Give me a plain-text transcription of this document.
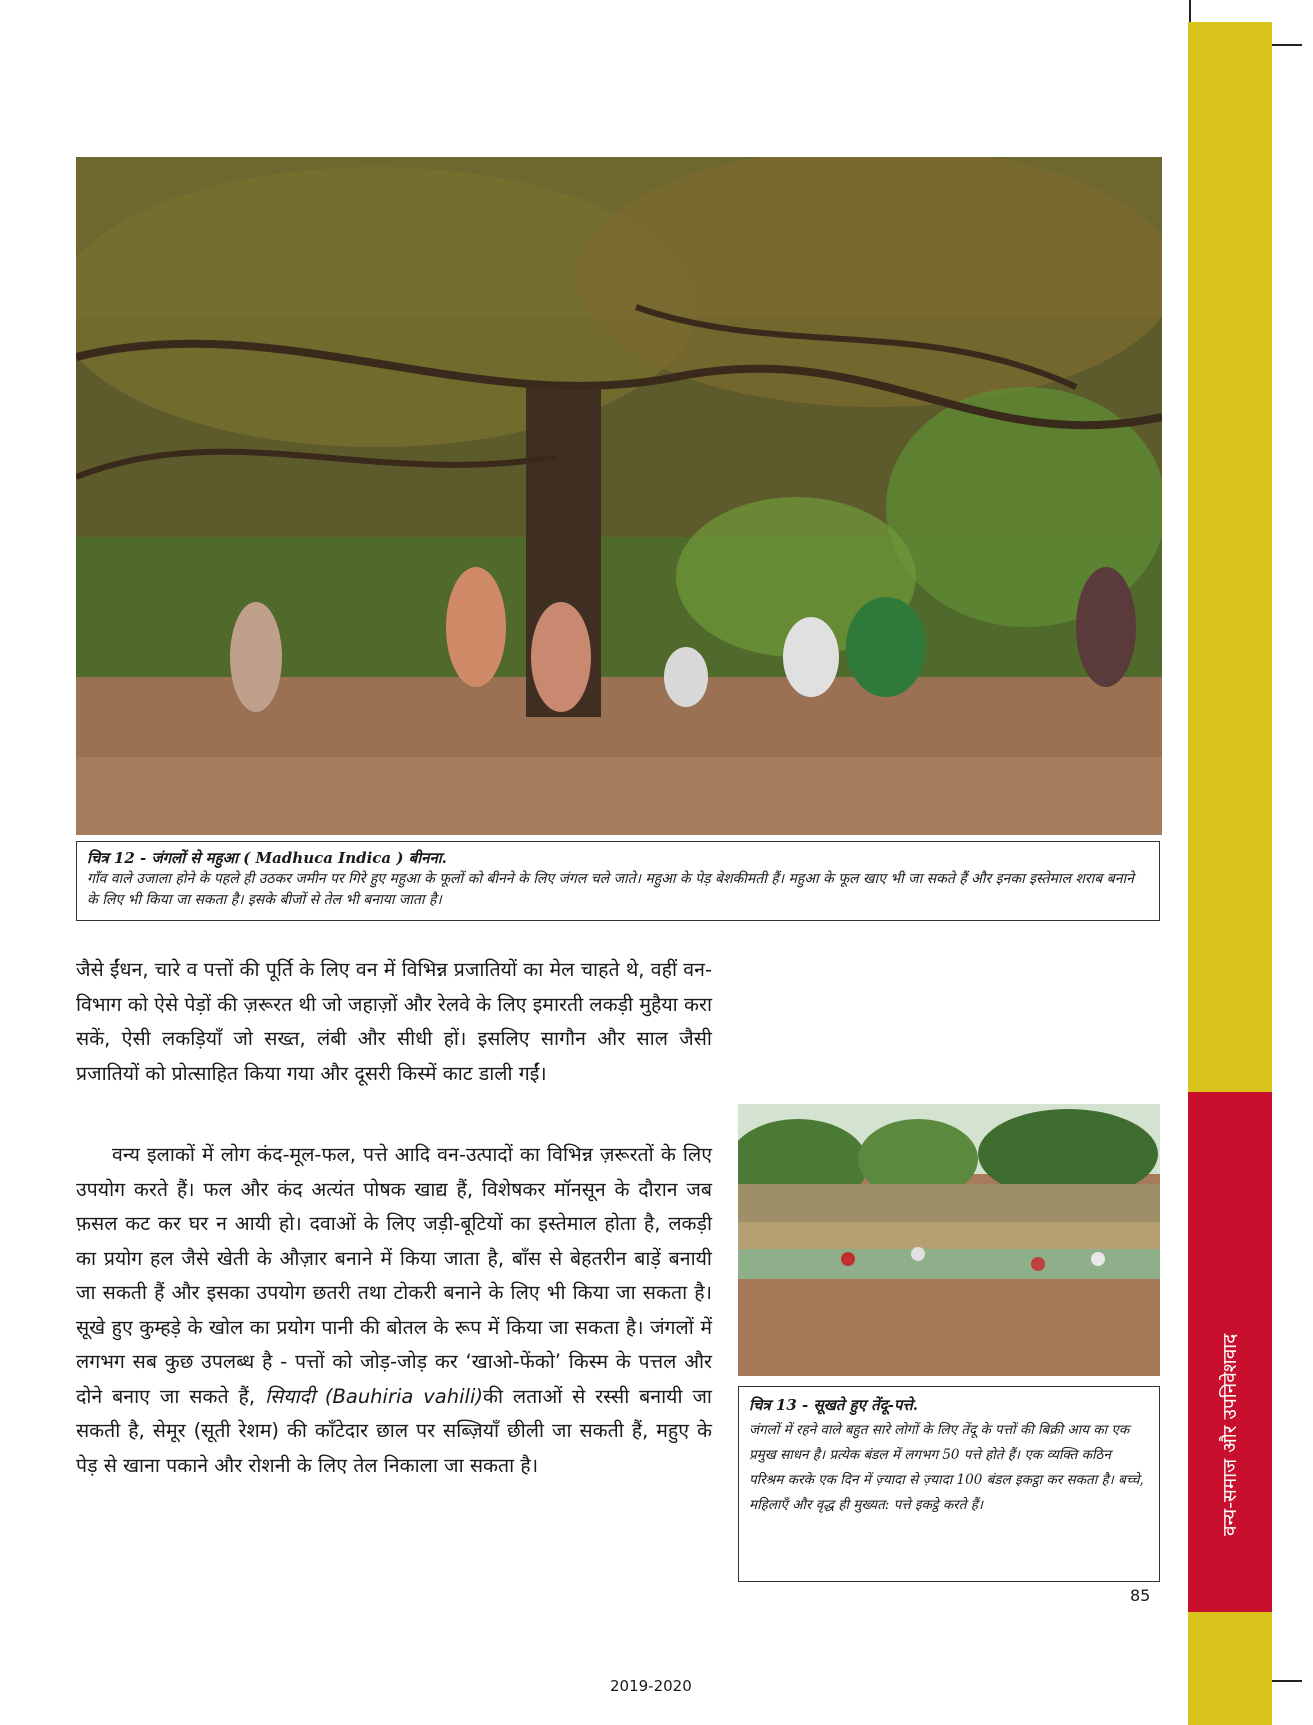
वन्य-समाज और उपनिवेशवाद
चित्र 12 - जंगलों से महुआ ( Madhuca Indica ) बीनना.
गाँव वाले उजाला होने के पहले ही उठकर जमीन पर गिरे हुए महुआ के फूलों को बीनने के लिए जंगल चले जाते। महुआ के पेड़ बेशकीमती हैं। महुआ के फूल खाए भी जा सकते हैं और इनका इस्तेमाल शराब बनाने के लिए भी किया जा सकता है। इसके बीजों से तेल भी बनाया जाता है।

जैसे ईंधन, चारे व पत्तों की पूर्ति के लिए वन में विभिन्न प्रजातियों का मेल चाहते थे, वहीं वन-विभाग को ऐसे पेड़ों की ज़रूरत थी जो जहाज़ों और रेलवे के लिए इमारती लकड़ी मुहैया करा सकें, ऐसी लकड़ियाँ जो सख्त, लंबी और सीधी हों। इसलिए सागौन और साल जैसी प्रजातियों को प्रोत्साहित किया गया और दूसरी किस्में काट डाली गईं।

वन्य इलाकों में लोग कंद-मूल-फल, पत्ते आदि वन-उत्पादों का विभिन्न ज़रूरतों के लिए उपयोग करते हैं। फल और कंद अत्यंत पोषक खाद्य हैं, विशेषकर मॉनसून के दौरान जब फ़सल कट कर घर न आयी हो। दवाओं के लिए जड़ी-बूटियों का इस्तेमाल होता है, लकड़ी का प्रयोग हल जैसे खेती के औज़ार बनाने में किया जाता है, बाँस से बेहतरीन बाड़ें बनायी जा सकती हैं और इसका उपयोग छतरी तथा टोकरी बनाने के लिए भी किया जा सकता है। सूखे हुए कुम्हड़े के खोल का प्रयोग पानी की बोतल के रूप में किया जा सकता है। जंगलों में लगभग सब कुछ उपलब्ध है - पत्तों को जोड़-जोड़ कर ‘खाओ-फेंको’ किस्म के पत्तल और दोने बनाए जा सकते हैं, सियादी (Bauhiria vahili)की लताओं से रस्सी बनायी जा सकती है, सेमूर (सूती रेशम) की काँटेदार छाल पर सब्ज़ियाँ छीली जा सकती हैं, महुए के पेड़ से खाना पकाने और रोशनी के लिए तेल निकाला जा सकता है।

चित्र 13 - सूखते हुए तेंदू-पत्ते.
जंगलों में रहने वाले बहुत सारे लोगों के लिए तेंदू के पत्तों की बिक्री आय का एक प्रमुख साधन है। प्रत्येक बंडल में लगभग 50 पत्ते होते हैं। एक व्यक्ति कठिन परिश्रम करके एक दिन में ज़्यादा से ज़्यादा 100 बंडल इकट्ठा कर सकता है। बच्चे, महिलाएँ और वृद्ध ही मुख्यत: पत्ते इकट्ठे करते हैं।
85
2019-2020
